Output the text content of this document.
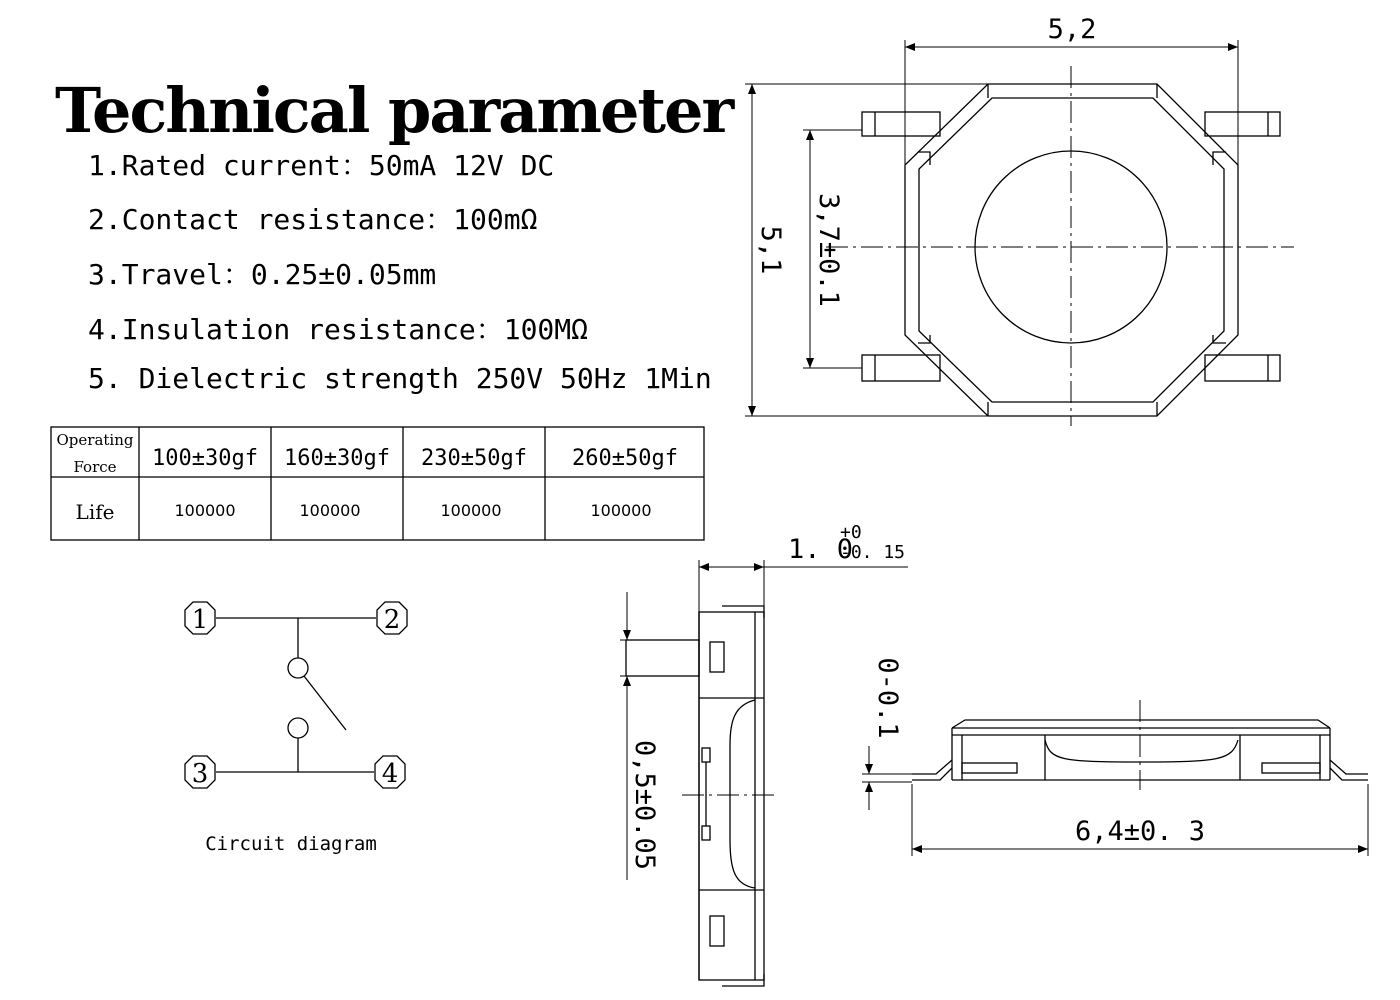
Technical parameter
1.Rated current：50mA 12V DC
2.Contact resistance：100mΩ
3.Travel：0.25±0.05mm
4.Insulation resistance：100MΩ
5. Dielectric strength 250V 50Hz 1Min
Operating
Force 100±30gf 160±30gf 230±50gf 260±50gf
Life	100000	100000	100000	100000
5,2
5,1 3,7±0.1
1	2
3	4
Circuit diagram
1. 0
+0
-0. 15
0,5±0.05
0-0.1
6,4±0. 3
